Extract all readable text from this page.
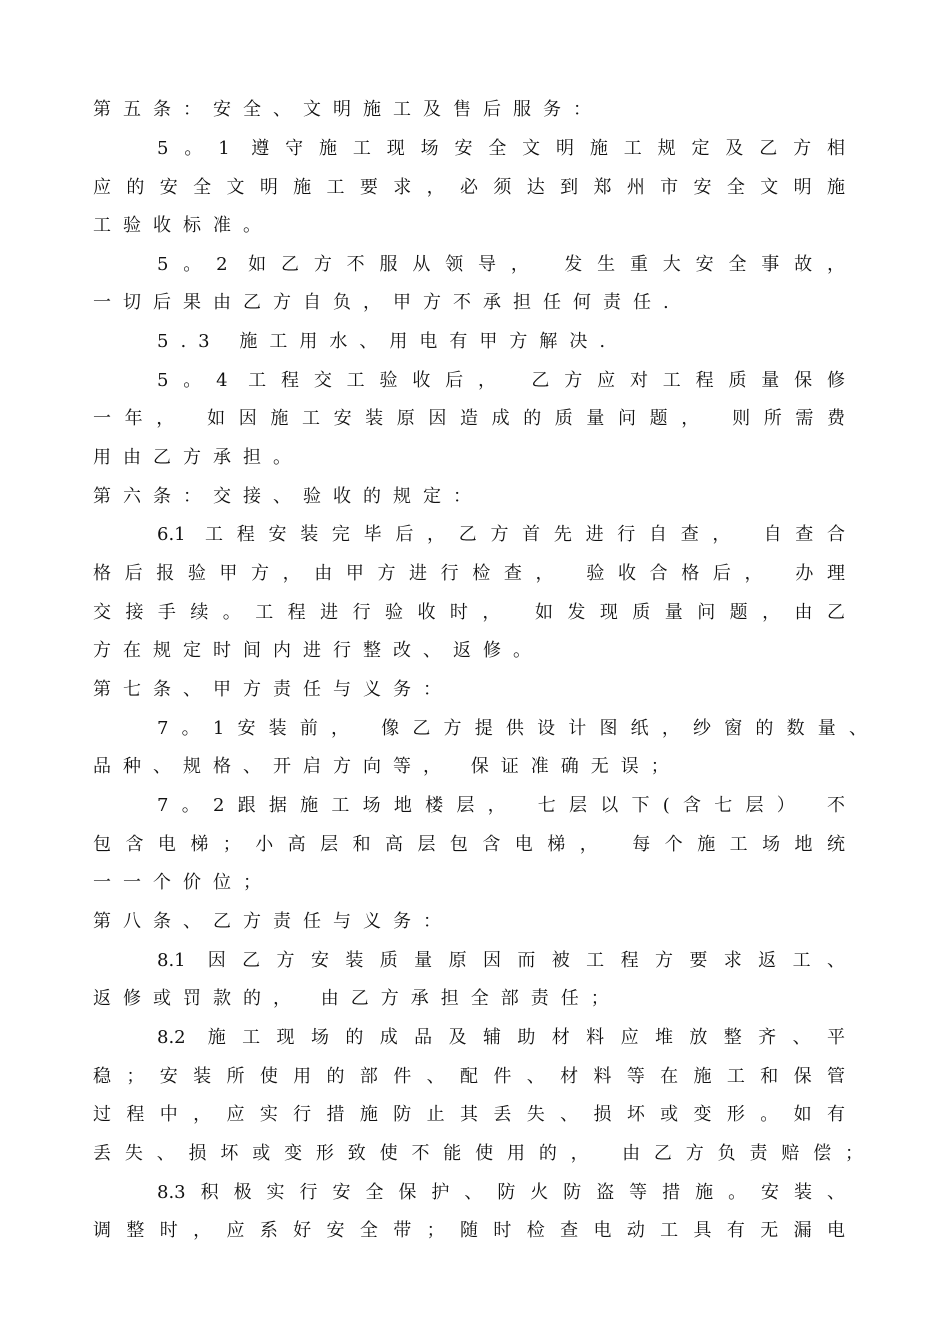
第五条：安全、文明施工及售后服务：
5。1 遵守施工现场安全文明施工规定及乙方相
应的安全文明施工要求，必须达到郑州市安全文明施
工验收标准。
5。2 如乙方不服从领导， 发生重大安全事故，
一切后果由乙方自负，甲方不承担任何责任.
5.3 施工用水、用电有甲方解决.
5。4 工程交工验收后， 乙方应对工程质量保修
一年， 如因施工安装原因造成的质量问题， 则所需费
用由乙方承担。
第六条：交接、验收的规定：
6.1 工程安装完毕后，乙方首先进行自查， 自查合
格后报验甲方，由甲方进行检查， 验收合格后， 办理
交接手续。工程进行验收时， 如发现质量问题，由乙
方在规定时间内进行整改、返修。
第七条、甲方责任与义务：
7。1安装前， 像乙方提供设计图纸，纱窗的数量、
品种、规格、开启方向等， 保证准确无误；
7。2跟据施工场地楼层， 七层以下(含七层） 不
包含电梯；小高层和高层包含电梯， 每个施工场地统
一一个价位；
第八条、乙方责任与义务：
8.1 因乙方安装质量原因而被工程方要求返工、
返修或罚款的， 由乙方承担全部责任；
8.2 施工现场的成品及辅助材料应堆放整齐、平
稳；安装所使用的部件、配件、材料等在施工和保管
过程中，应实行措施防止其丢失、损坏或变形。如有
丢失、损坏或变形致使不能使用的， 由乙方负责赔偿；
8.3积极实行安全保护、防火防盗等措施。安装、
调整时，应系好安全带；随时检查电动工具有无漏电
